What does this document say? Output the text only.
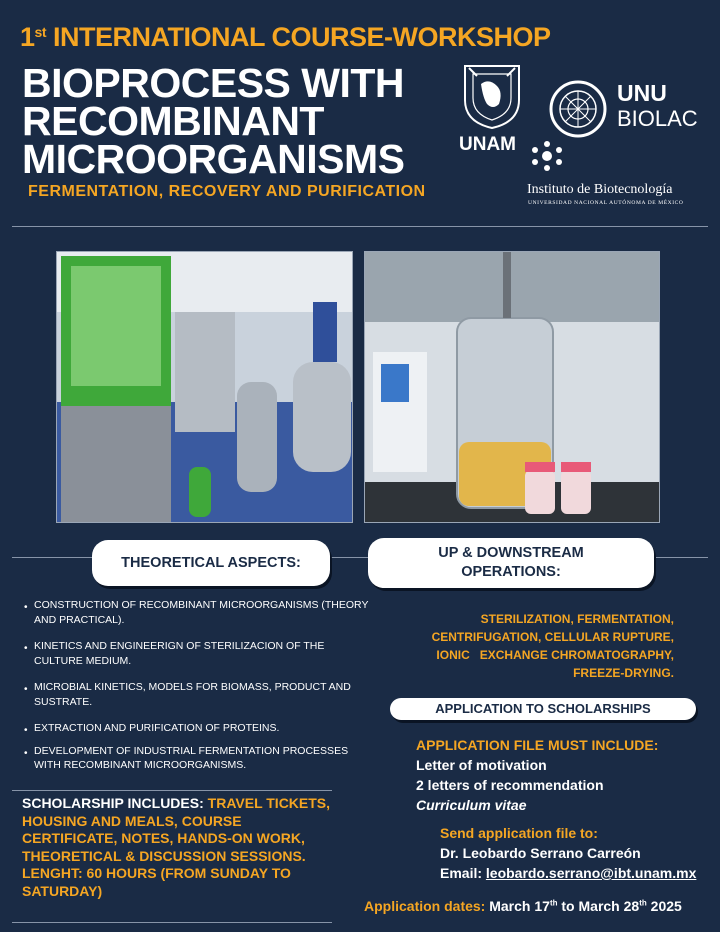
1st INTERNATIONAL COURSE-WORKSHOP
BIOPROCESS WITH
RECOMBINANT
MICROORGANISMS
FERMENTATION, RECOVERY AND PURIFICATION
UNAM
UNU
BIOLAC
Instituto de Biotecnología
UNIVERSIDAD NACIONAL AUTÓNOMA DE MÉXICO
THEORETICAL ASPECTS:
UP & DOWNSTREAM
OPERATIONS:
• CONSTRUCTION OF RECOMBINANT MICROORGANISMS (THEORY AND PRACTICAL).
• KINETICS AND ENGINEERIGN OF STERILIZACION OF THE CULTURE MEDIUM.
• MICROBIAL KINETICS, MODELS FOR BIOMASS, PRODUCT AND SUSTRATE.
• EXTRACTION AND PURIFICATION OF PROTEINS.
• DEVELOPMENT OF INDUSTRIAL FERMENTATION PROCESSES WITH RECOMBINANT MICROORGANISMS.
STERILIZATION, FERMENTATION,
CENTRIFUGATION, CELLULAR RUPTURE,
IONIC   EXCHANGE CHROMATOGRAPHY,
FREEZE-DRYING.
APPLICATION TO SCHOLARSHIPS
SCHOLARSHIP INCLUDES: TRAVEL TICKETS, HOUSING AND MEALS, COURSE CERTIFICATE, NOTES, HANDS-ON WORK, THEORETICAL & DISCUSSION SESSIONS.
LENGHT: 60 HOURS (FROM SUNDAY TO SATURDAY)
APPLICATION FILE MUST INCLUDE:
Letter of motivation
2 letters of recommendation
Curriculum vitae
Send application file to:
Dr. Leobardo Serrano Carreón
Email: leobardo.serrano@ibt.unam.mx
Application dates: March 17th to March 28th 2025
